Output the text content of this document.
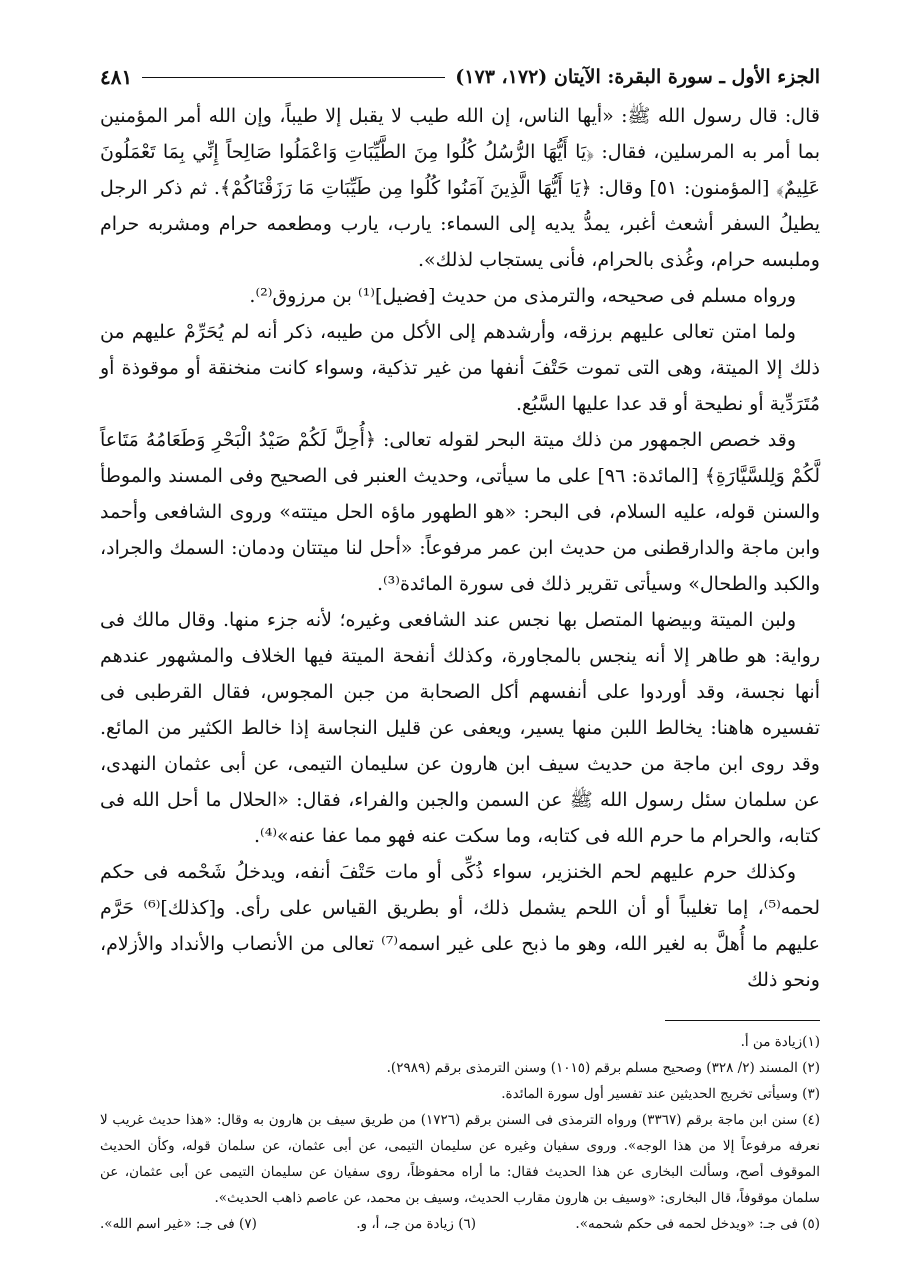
الجزء الأول ـ سورة البقرة: الآيتان (١٧٢، ١٧٣)
٤٨١

قال: قال رسول الله ﷺ: «أيها الناس، إن الله طيب لا يقبل إلا طيباً، وإن الله أمر المؤمنين بما أمر به المرسلين، فقال: ﴿يَا أَيُّهَا الرُّسُلُ كُلُوا مِنَ الطَّيِّبَاتِ وَاعْمَلُوا صَالِحاً إِنِّي بِمَا تَعْمَلُونَ عَلِيمٌ﴾ [المؤمنون: ٥١] وقال: ﴿يَا أَيُّهَا الَّذِينَ آمَنُوا كُلُوا مِن طَيِّبَاتِ مَا رَزَقْنَاكُمْ﴾. ثم ذكر الرجل يطيلُ السفر أشعث أغبر، يمدُّ يديه إلى السماء: يارب، يارب ومطعمه حرام ومشربه حرام وملبسه حرام، وغُذى بالحرام، فأنى يستجاب لذلك».

ورواه مسلم فى صحيحه، والترمذى من حديث [فضيل]⁽¹⁾ بن مرزوق⁽²⁾.

ولما امتن تعالى عليهم برزقه، وأرشدهم إلى الأكل من طيبه، ذكر أنه لم يُحَرِّمْ عليهم من ذلك إلا الميتة، وهى التى تموت حَتْفَ أنفها من غير تذكية، وسواء كانت منخنقة أو موقوذة أو مُتَرَدِّية أو نطيحة أو قد عدا عليها السَّبُع.

وقد خصص الجمهور من ذلك ميتة البحر لقوله تعالى: ﴿أُحِلَّ لَكُمْ صَيْدُ الْبَحْرِ وَطَعَامُهُ مَتَاعاً لَّكُمْ وَلِلسَّيَّارَةِ﴾ [المائدة: ٩٦] على ما سيأتى، وحديث العنبر فى الصحيح وفى المسند والموطأ والسنن قوله، عليه السلام، فى البحر: «هو الطهور ماؤه الحل ميتته» وروى الشافعى وأحمد وابن ماجة والدارقطنى من حديث ابن عمر مرفوعاً: «أحل لنا ميتتان ودمان: السمك والجراد، والكبد والطحال» وسيأتى تقرير ذلك فى سورة المائدة⁽³⁾.

ولبن الميتة وبيضها المتصل بها نجس عند الشافعى وغيره؛ لأنه جزء منها. وقال مالك فى رواية: هو طاهر إلا أنه ينجس بالمجاورة، وكذلك أنفحة الميتة فيها الخلاف والمشهور عندهم أنها نجسة، وقد أوردوا على أنفسهم أكل الصحابة من جبن المجوس، فقال القرطبى فى تفسيره هاهنا: يخالط اللبن منها يسير، ويعفى عن قليل النجاسة إذا خالط الكثير من المائع. وقد روى ابن ماجة من حديث سيف ابن هارون عن سليمان التيمى، عن أبى عثمان النهدى، عن سلمان سئل رسول الله ﷺ عن السمن والجبن والفراء، فقال: «الحلال ما أحل الله فى كتابه، والحرام ما حرم الله فى كتابه، وما سكت عنه فهو مما عفا عنه»⁽⁴⁾.

وكذلك حرم عليهم لحم الخنزير، سواء ذُكِّى أو مات حَتْفَ أنفه، ويدخلُ شَحْمه فى حكم لحمه⁽⁵⁾، إما تغليباً أو أن اللحم يشمل ذلك، أو بطريق القياس على رأى. و[كذلك]⁽⁶⁾ حَرَّم عليهم ما أُهلَّ به لغير الله، وهو ما ذبح على غير اسمه⁽⁷⁾ تعالى من الأنصاب والأنداد والأزلام، ونحو ذلك

(١)زيادة من أ.

(٢) المسند (٢/ ٣٢٨) وصحيح مسلم برقم (١٠١٥) وسنن الترمذى برقم (٢٩٨٩).

(٣) وسيأتى تخريج الحديثين عند تفسير أول سورة المائدة.

(٤) سنن ابن ماجة برقم (٣٣٦٧) ورواه الترمذى فى السنن برقم (١٧٢٦) من طريق سيف بن هارون به وقال: «هذا حديث غريب لا نعرفه مرفوعاً إلا من هذا الوجه». وروى سفيان وغيره عن سليمان التيمى، عن أبى عثمان، عن سلمان قوله، وكأن الحديث الموقوف أصح، وسألت البخارى عن هذا الحديث فقال: ما أراه محفوظاً، روى سفيان عن سليمان التيمى عن أبى عثمان، عن سلمان موقوفاً، قال البخارى: «وسيف بن هارون مقارب الحديث، وسيف بن محمد، عن عاصم ذاهب الحديث».

(٥) فى جـ: «ويدخل لحمه فى حكم شحمه».
(٦) زيادة من جـ، أ، و.
(٧) فى جـ: «غير اسم الله».
